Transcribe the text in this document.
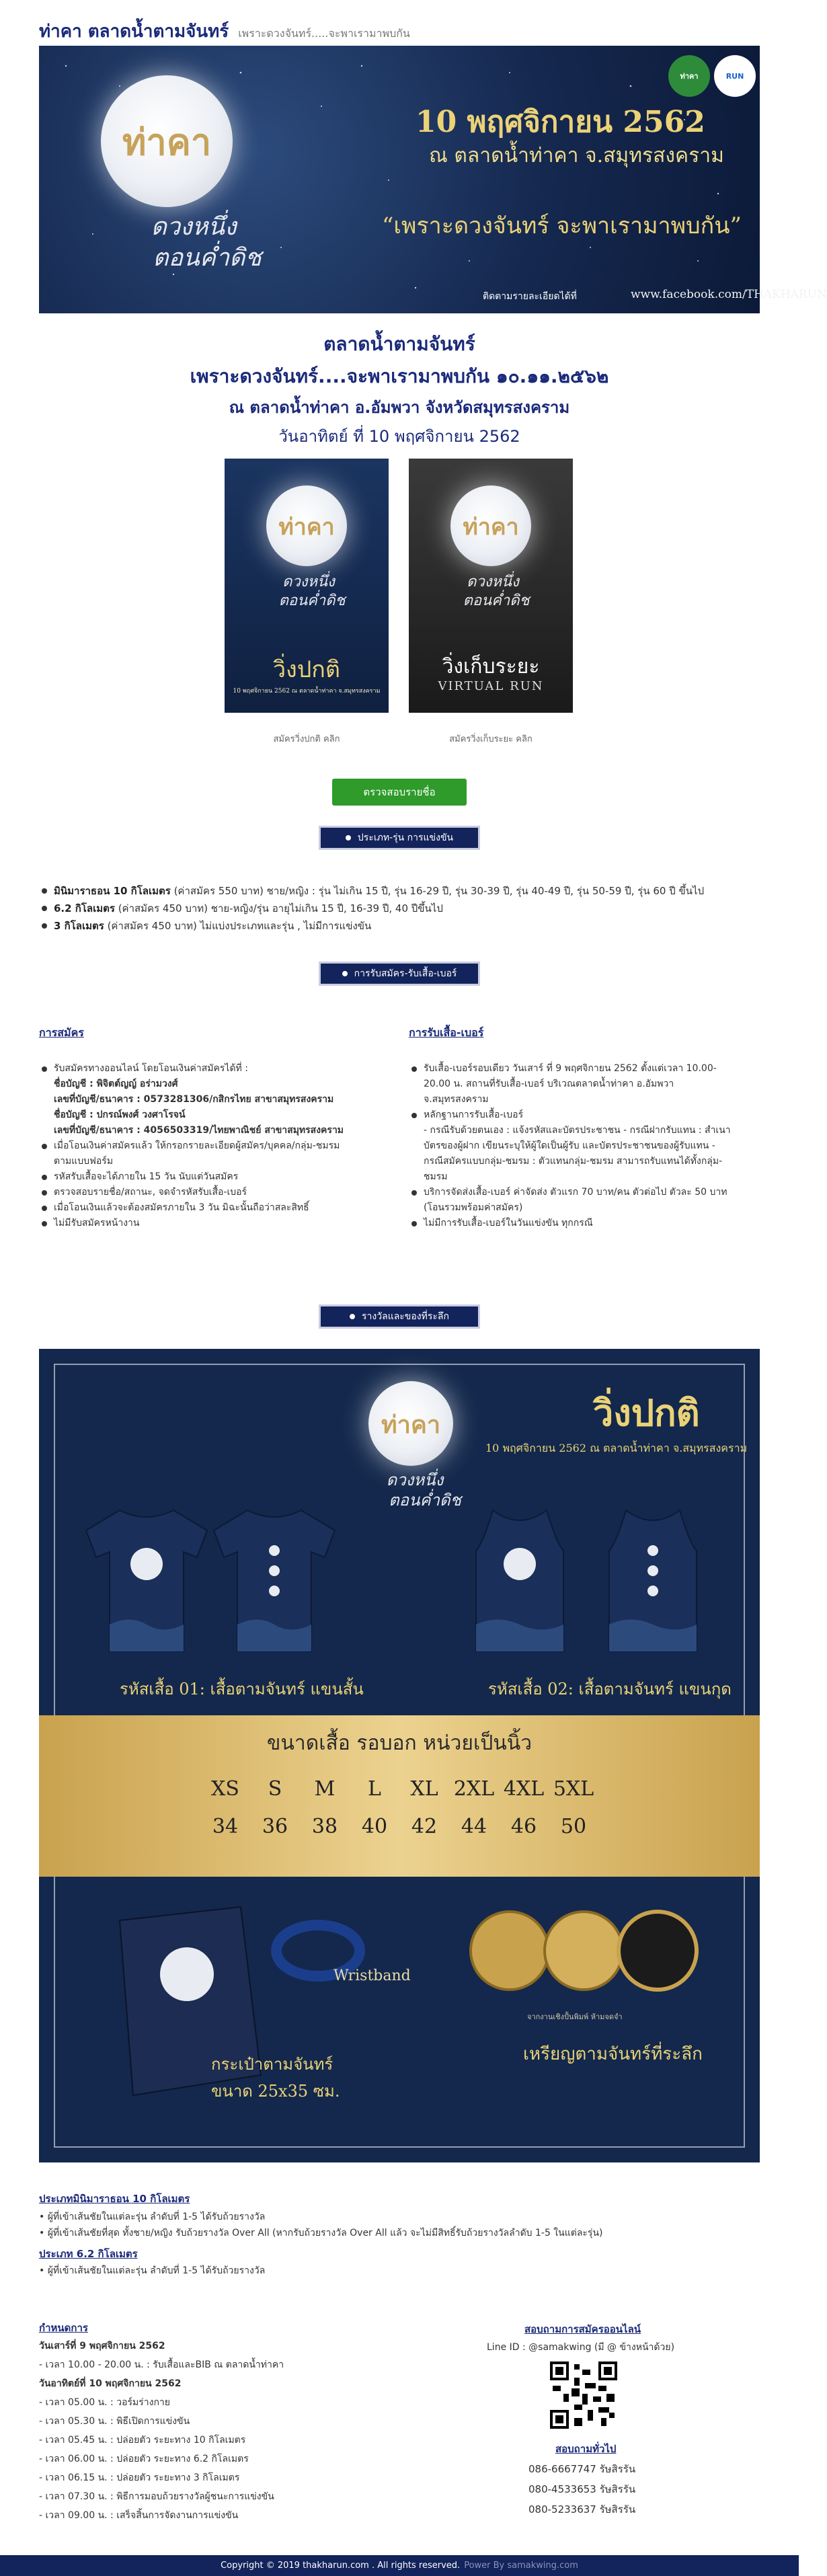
ท่าคา ตลาดน้ำตามจันทร์ เพราะดวงจันทร์.....จะพาเรามาพบกัน
ท่าคา
ดวงหนึ่ง
ตอนค่ำดิช
10 พฤศจิกายน 2562
ณ ตลาดน้ำท่าคา จ.สมุทรสงคราม
“เพราะดวงจันทร์ จะพาเรามาพบกัน”
ติดตามรายละเอียดได้ที่	www.facebook.com/THAKHARUN
ท่าคา	RUN
ตลาดน้ำตามจันทร์
เพราะดวงจันทร์....จะพาเรามาพบกัน ๑๐.๑๑.๒๕๖๒
ณ ตลาดน้ำท่าคา อ.อัมพวา จังหวัดสมุทรสงคราม
วันอาทิตย์ ที่ 10 พฤศจิกายน 2562
ท่าคา
ดวงหนึ่ง
ตอนค่ำดิช
วิ่งปกติ
10 พฤศจิกายน 2562 ณ ตลาดน้ำท่าคา จ.สมุทรสงคราม
สมัครวิ่งปกติ คลิก
ท่าคา
ดวงหนึ่ง
ตอนค่ำดิช
วิ่งเก็บระยะ
VIRTUAL RUN
สมัครวิ่งเก็บระยะ คลิก
ตรวจสอบรายชื่อ
ประเภท-รุ่น การแข่งขัน
มินิมาราธอน 10 กิโลเมตร (ค่าสมัคร 550 บาท) ชาย/หญิง : รุ่น ไม่เกิน 15 ปี, รุ่น 16-29 ปี, รุ่น 30-39 ปี, รุ่น 40-49 ปี, รุ่น 50-59 ปี, รุ่น 60 ปี ขึ้นไป
6.2 กิโลเมตร (ค่าสมัคร 450 บาท) ชาย-หญิง/รุ่น อายุไม่เกิน 15 ปี, 16-39 ปี, 40 ปีขึ้นไป
3 กิโลเมตร (ค่าสมัคร 450 บาท) ไม่แบ่งประเภทและรุ่น , ไม่มีการแข่งขัน
การรับสมัคร-รับเสื้อ-เบอร์
การสมัคร
รับสมัครทางออนไลน์ โดยโอนเงินค่าสมัครได้ที่ :
ชื่อบัญชี : พิจิตต์ญญ์ อร่ามวงศ์
เลขที่บัญชี/ธนาคาร : 0573281306/กสิกรไทย สาขาสมุทรสงคราม
ชื่อบัญชี : ปกรณ์พงศ์ วงศาโรจน์
เลขที่บัญชี/ธนาคาร : 4056503319/ไทยพาณิชย์ สาขาสมุทรสงคราม
เมื่อโอนเงินค่าสมัครแล้ว ให้กรอกรายละเอียดผู้สมัคร/บุคคล/กลุ่ม-ชมรม
ตามแบบฟอร์ม
รหัสรับเสื้อจะได้ภายใน 15 วัน นับแต่วันสมัคร
ตรวจสอบรายชื่อ/สถานะ, จดจำรหัสรับเสื้อ-เบอร์
เมื่อโอนเงินแล้วจะต้องสมัครภายใน 3 วัน มิฉะนั้นถือว่าสละสิทธิ์
ไม่มีรับสมัครหน้างาน
การรับเสื้อ-เบอร์
รับเสื้อ-เบอร์รอบเดียว วันเสาร์ ที่ 9 พฤศจิกายน 2562 ตั้งแต่เวลา 10.00-
20.00 น. สถานที่รับเสื้อ-เบอร์ บริเวณตลาดน้ำท่าคา อ.อัมพวา
จ.สมุทรสงคราม
หลักฐานการรับเสื้อ-เบอร์
- กรณีรับด้วยตนเอง : แจ้งรหัสและบัตรประชาชน - กรณีฝากรับแทน : สำเนา
บัตรของผู้ฝาก เขียนระบุให้ผู้ใดเป็นผู้รับ และบัตรประชาชนของผู้รับแทน -
กรณีสมัครแบบกลุ่ม-ชมรม : ตัวแทนกลุ่ม-ชมรม สามารถรับแทนได้ทั้งกลุ่ม-
ชมรม
บริการจัดส่งเสื้อ-เบอร์ ค่าจัดส่ง ตัวแรก 70 บาท/คน ตัวต่อไป ตัวละ 50 บาท
(โอนรวมพร้อมค่าสมัคร)
ไม่มีการรับเสื้อ-เบอร์ในวันแข่งขัน ทุกกรณี
รางวัลและของที่ระลึก
ท่าคา
ดวงหนึ่ง
ตอนค่ำดิช
วิ่งปกติ
10 พฤศจิกายน 2562 ณ ตลาดน้ำท่าคา จ.สมุทรสงคราม
รหัสเสื้อ 01: เสื้อตามจันทร์ แขนสั้น	รหัสเสื้อ 02: เสื้อตามจันทร์ แขนกุด
ขนาดเสื้อ รอบอก หน่วยเป็นนิ้ว
XS	S	M	L	XL 2XL 4XL 5XL
34	36	38	40	42	44	46	50
Wristband
กระเป๋าตามจันทร์
ขนาด 25x35 ซม.
จากงานเชิงปั้นพิมพ์ ห้ามจดจำ
เหรียญตามจันทร์ที่ระลึก
ประเภทมินิมาราธอน 10 กิโลเมตร
• ผู้ที่เข้าเส้นชัยในแต่ละรุ่น ลำดับที่ 1-5 ได้รับถ้วยรางวัล
• ผู้ที่เข้าเส้นชัยที่สุด ทั้งชาย/หญิง รับถ้วยรางวัล Over All (หากรับถ้วยรางวัล Over All แล้ว จะไม่มีสิทธิ์รับถ้วยรางวัลลำดับ 1-5 ในแต่ละรุ่น)
ประเภท 6.2 กิโลเมตร
• ผู้ที่เข้าเส้นชัยในแต่ละรุ่น ลำดับที่ 1-5 ได้รับถ้วยรางวัล
กำหนดการ
วันเสาร์ที่ 9 พฤศจิกายน 2562
- เวลา 10.00 - 20.00 น. : รับเสื้อและBIB ณ ตลาดน้ำท่าคา
วันอาทิตย์ที่ 10 พฤศจิกายน 2562
- เวลา 05.00 น. : วอร์มร่างกาย
- เวลา 05.30 น. : พิธีเปิดการแข่งขัน
- เวลา 05.45 น. : ปล่อยตัว ระยะทาง 10 กิโลเมตร
- เวลา 06.00 น. : ปล่อยตัว ระยะทาง 6.2 กิโลเมตร
- เวลา 06.15 น. : ปล่อยตัว ระยะทาง 3 กิโลเมตร
- เวลา 07.30 น. : พิธีการมอบถ้วยรางวัลผู้ชนะการแข่งขัน
- เวลา 09.00 น. : เสร็จสิ้นการจัดงานการแข่งขัน
สอบถามการสมัครออนไลน์
Line ID : @samakwing (มี @ ข้างหน้าด้วย)
สอบถามทั่วไป
086-6667747 รัษสิรรัน
080-4533653 รัษสิรรัน
080-5233637 รัษสิรรัน
Copyright © 2019 thakharun.com . All rights reserved. Power By samakwing.com
